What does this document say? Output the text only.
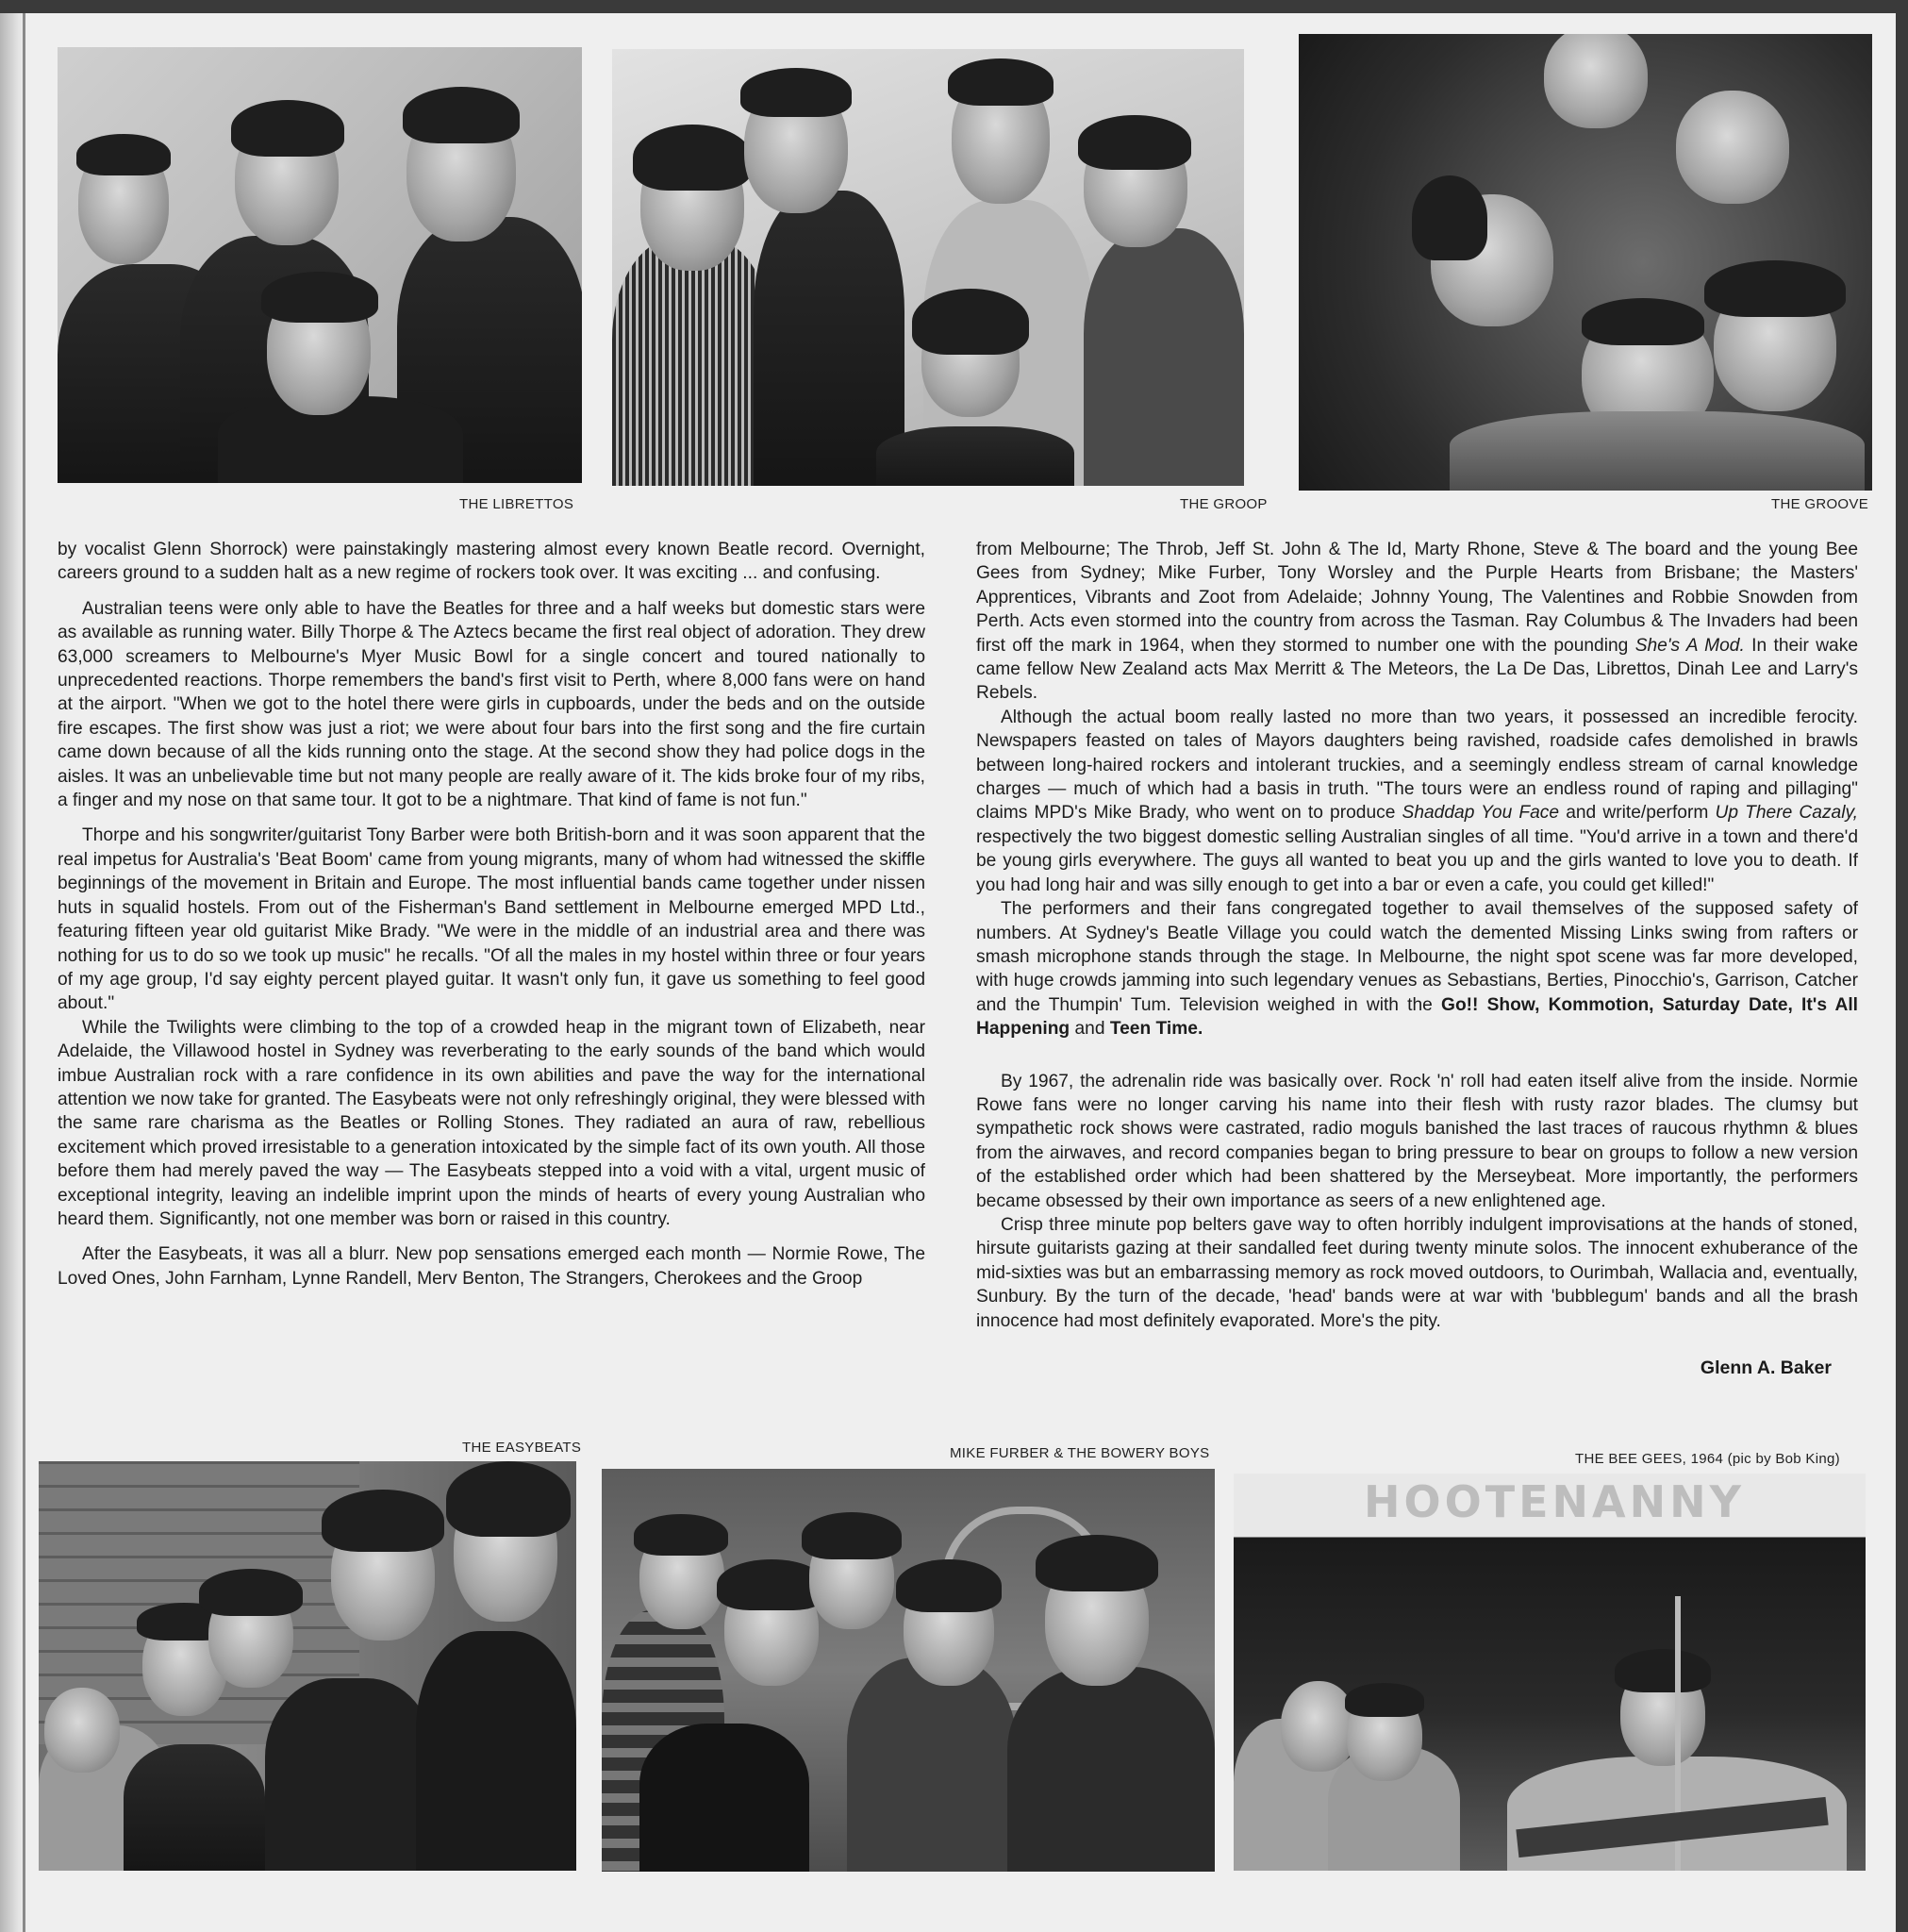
THE LIBRETTOS	THE GROOP	THE GROOVE

by vocalist Glenn Shorrock) were painstakingly mastering almost every known Beatle record. Overnight, careers ground to a sudden halt as a new regime of rockers took over. It was exciting ... and confusing.

Australian teens were only able to have the Beatles for three and a half weeks but domestic stars were as available as running water. Billy Thorpe & The Aztecs became the first real object of adoration. They drew 63,000 screamers to Melbourne's Myer Music Bowl for a single concert and toured nationally to unprecedented reactions. Thorpe remembers the band's first visit to Perth, where 8,000 fans were on hand at the airport. "When we got to the hotel there were girls in cupboards, under the beds and on the outside fire escapes. The first show was just a riot; we were about four bars into the first song and the fire curtain came down because of all the kids running onto the stage. At the second show they had police dogs in the aisles. It was an unbelievable time but not many people are really aware of it. The kids broke four of my ribs, a finger and my nose on that same tour. It got to be a nightmare. That kind of fame is not fun."

Thorpe and his songwriter/guitarist Tony Barber were both British-born and it was soon apparent that the real impetus for Australia's 'Beat Boom' came from young migrants, many of whom had witnessed the skiffle beginnings of the movement in Britain and Europe. The most influential bands came together under nissen huts in squalid hostels. From out of the Fisherman's Band settlement in Melbourne emerged MPD Ltd., featuring fifteen year old guitarist Mike Brady. "We were in the middle of an industrial area and there was nothing for us to do so we took up music" he recalls. "Of all the males in my hostel within three or four years of my age group, I'd say eighty percent played guitar. It wasn't only fun, it gave us something to feel good about."

While the Twilights were climbing to the top of a crowded heap in the migrant town of Elizabeth, near Adelaide, the Villawood hostel in Sydney was reverberating to the early sounds of the band which would imbue Australian rock with a rare confidence in its own abilities and pave the way for the international attention we now take for granted. The Easybeats were not only refreshingly original, they were blessed with the same rare charisma as the Beatles or Rolling Stones. They radiated an aura of raw, rebellious excitement which proved irresistable to a generation intoxicated by the simple fact of its own youth. All those before them had merely paved the way — The Easybeats stepped into a void with a vital, urgent music of exceptional integrity, leaving an indelible imprint upon the minds of hearts of every young Australian who heard them. Significantly, not one member was born or raised in this country.

After the Easybeats, it was all a blurr. New pop sensations emerged each month — Normie Rowe, The Loved Ones, John Farnham, Lynne Randell, Merv Benton, The Strangers, Cherokees and the Groop

from Melbourne; The Throb, Jeff St. John & The Id, Marty Rhone, Steve & The board and the young Bee Gees from Sydney; Mike Furber, Tony Worsley and the Purple Hearts from Brisbane; the Masters' Apprentices, Vibrants and Zoot from Adelaide; Johnny Young, The Valentines and Robbie Snowden from Perth. Acts even stormed into the country from across the Tasman. Ray Columbus & The Invaders had been first off the mark in 1964, when they stormed to number one with the pounding She's A Mod. In their wake came fellow New Zealand acts Max Merritt & The Meteors, the La De Das, Librettos, Dinah Lee and Larry's Rebels.

Although the actual boom really lasted no more than two years, it possessed an incredible ferocity. Newspapers feasted on tales of Mayors daughters being ravished, roadside cafes demolished in brawls between long-haired rockers and intolerant truckies, and a seemingly endless stream of carnal knowledge charges — much of which had a basis in truth. "The tours were an endless round of raping and pillaging" claims MPD's Mike Brady, who went on to produce Shaddap You Face and write/perform Up There Cazaly, respectively the two biggest domestic selling Australian singles of all time. "You'd arrive in a town and there'd be young girls everywhere. The guys all wanted to beat you up and the girls wanted to love you to death. If you had long hair and was silly enough to get into a bar or even a cafe, you could get killed!"

The performers and their fans congregated together to avail themselves of the supposed safety of numbers. At Sydney's Beatle Village you could watch the demented Missing Links swing from rafters or smash microphone stands through the stage. In Melbourne, the night spot scene was far more developed, with huge crowds jamming into such legendary venues as Sebastians, Berties, Pinocchio's, Garrison, Catcher and the Thumpin' Tum. Television weighed in with the Go!! Show, Kommotion, Saturday Date, It's All Happening and Teen Time.

By 1967, the adrenalin ride was basically over. Rock 'n' roll had eaten itself alive from the inside. Normie Rowe fans were no longer carving his name into their flesh with rusty razor blades. The clumsy but sympathetic rock shows were castrated, radio moguls banished the last traces of raucous rhythmn & blues from the airwaves, and record companies began to bring pressure to bear on groups to follow a new version of the established order which had been shattered by the Merseybeat. More importantly, the performers became obsessed by their own importance as seers of a new enlightened age.

Crisp three minute pop belters gave way to often horribly indulgent improvisations at the hands of stoned, hirsute guitarists gazing at their sandalled feet during twenty minute solos. The innocent exhuberance of the mid-sixties was but an embarrassing memory as rock moved outdoors, to Ourimbah, Wallacia and, eventually, Sunbury. By the turn of the decade, 'head' bands were at war with 'bubblegum' bands and all the brash innocence had most definitely evaporated. More's the pity.

Glenn A. Baker
THE EASYBEATS	MIKE FURBER & THE BOWERY BOYS	THE BEE GEES, 1964 (pic by Bob King)
HOOTENANNY
